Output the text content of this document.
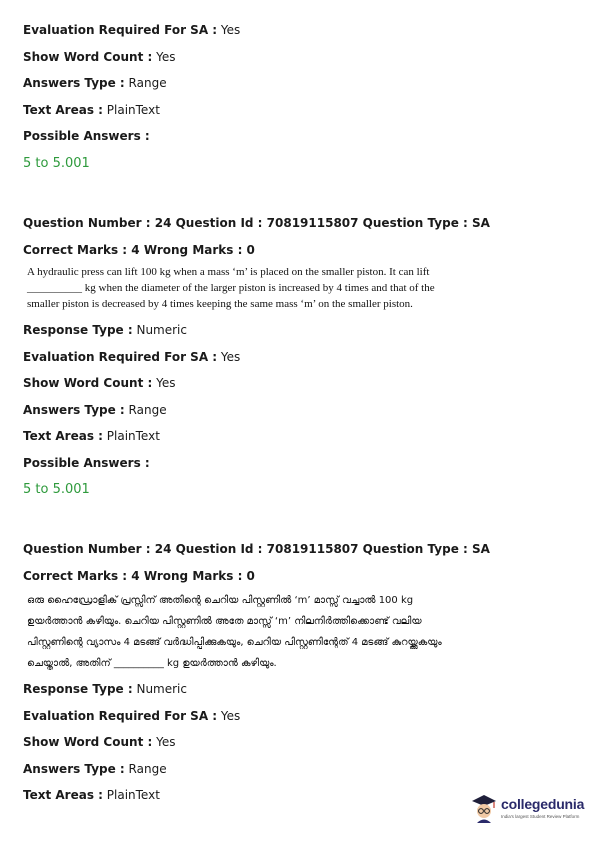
Evaluation Required For SA : Yes
Show Word Count : Yes
Answers Type : Range
Text Areas : PlainText
Possible Answers :
5 to 5.001
Question Number : 24 Question Id : 70819115807 Question Type : SA
Correct Marks : 4 Wrong Marks : 0
A hydraulic press can lift 100 kg when a mass ‘m’ is placed on the smaller piston. It can lift __________ kg when the diameter of the larger piston is increased by 4 times and that of the smaller piston is decreased by 4 times keeping the same mass ‘m’ on the smaller piston.
Response Type : Numeric
Evaluation Required For SA : Yes
Show Word Count : Yes
Answers Type : Range
Text Areas : PlainText
Possible Answers :
5 to 5.001
Question Number : 24 Question Id : 70819115807 Question Type : SA
Correct Marks : 4 Wrong Marks : 0
ഒരു ഹൈഡ്രോളിക് പ്രസ്സിന് അതിന്റെ ചെറിയ പിസ്റ്റണിൽ ‘m’ മാസ്സ് വച്ചാൽ 100 kg ഉയർത്താൻ കഴിയും. ചെറിയ പിസ്റ്റണിൽ അതേ മാസ്സ് ‘m’ നിലനിർത്തിക്കൊണ്ട് വലിയ പിസ്റ്റണിന്റെ വ്യാസം 4 മടങ്ങ് വർദ്ധിപ്പിക്കുകയും, ചെറിയ പിസ്റ്റണിന്റേത് 4 മടങ്ങ് കുറയ്ക്കുകയും ചെയ്താൽ, അതിന് __________ kg ഉയർത്താൻ കഴിയും.
Response Type : Numeric
Evaluation Required For SA : Yes
Show Word Count : Yes
Answers Type : Range
Text Areas : PlainText
collegedunia
India's largest Student Review Platform
